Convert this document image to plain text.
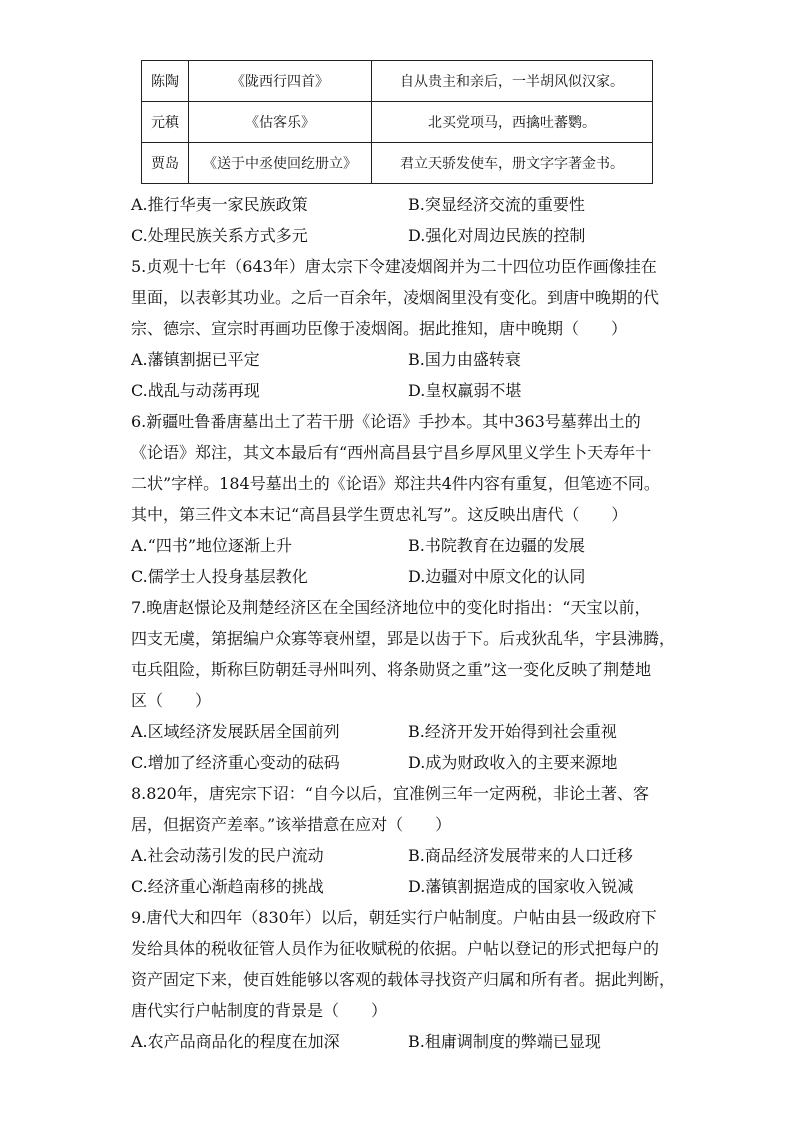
陈陶	《陇西行四首》	自从贵主和亲后，一半胡风似汉家。
元稹	《估客乐》	北买党项马，西擒吐蕃鹦。
贾岛	《送于中丞使回纥册立》	君立天骄发使车，册文字字著金书。
A.推行华夷一家民族政策	B.突显经济交流的重要性
C.处理民族关系方式多元	D.强化对周边民族的控制

5.贞观十七年（643年）唐太宗下令建凌烟阁并为二十四位功臣作画像挂在

里面，以表彰其功业。之后一百余年，凌烟阁里没有变化。到唐中晚期的代

宗、德宗、宣宗时再画功臣像于凌烟阁。据此推知，唐中晚期（　　）

A.藩镇割据已平定	B.国力由盛转衰
C.战乱与动荡再现	D.皇权羸弱不堪

6.新疆吐鲁番唐墓出土了若干册《论语》手抄本。其中363号墓葬出土的

《论语》郑注，其文本最后有“西州高昌县宁昌乡厚风里义学生卜天寿年十

二状”字样。184号墓出土的《论语》郑注共4件内容有重复，但笔迹不同。

其中，第三件文本末记“高昌县学生贾忠礼写”。这反映出唐代（　　）

A.“四书”地位逐渐上升	B.书院教育在边疆的发展
C.儒学士人投身基层教化	D.边疆对中原文化的认同

7.晚唐赵憬论及荆楚经济区在全国经济地位中的变化时指出：“天宝以前，

四支无虞，第据编户众寡等衰州望，郢是以齿于下。后戎狄乱华，宇县沸腾，

屯兵阻险，斯称巨防朝廷寻州叫列、将条勋贤之重”这一变化反映了荆楚地

区（　　）

A.区域经济发展跃居全国前列	B.经济开发开始得到社会重视
C.增加了经济重心变动的砝码	D.成为财政收入的主要来源地

8.820年，唐宪宗下诏：“自今以后，宜准例三年一定两税，非论土著、客

居，但据资产差率。”该举措意在应对（　　）

A.社会动荡引发的民户流动	B.商品经济发展带来的人口迁移
C.经济重心渐趋南移的挑战	D.藩镇割据造成的国家收入锐减

9.唐代大和四年（830年）以后，朝廷实行户帖制度。户帖由县一级政府下

发给具体的税收征管人员作为征收赋税的依据。户帖以登记的形式把每户的

资产固定下来，使百姓能够以客观的载体寻找资产归属和所有者。据此判断，

唐代实行户帖制度的背景是（　　）

A.农产品商品化的程度在加深	B.租庸调制度的弊端已显现
